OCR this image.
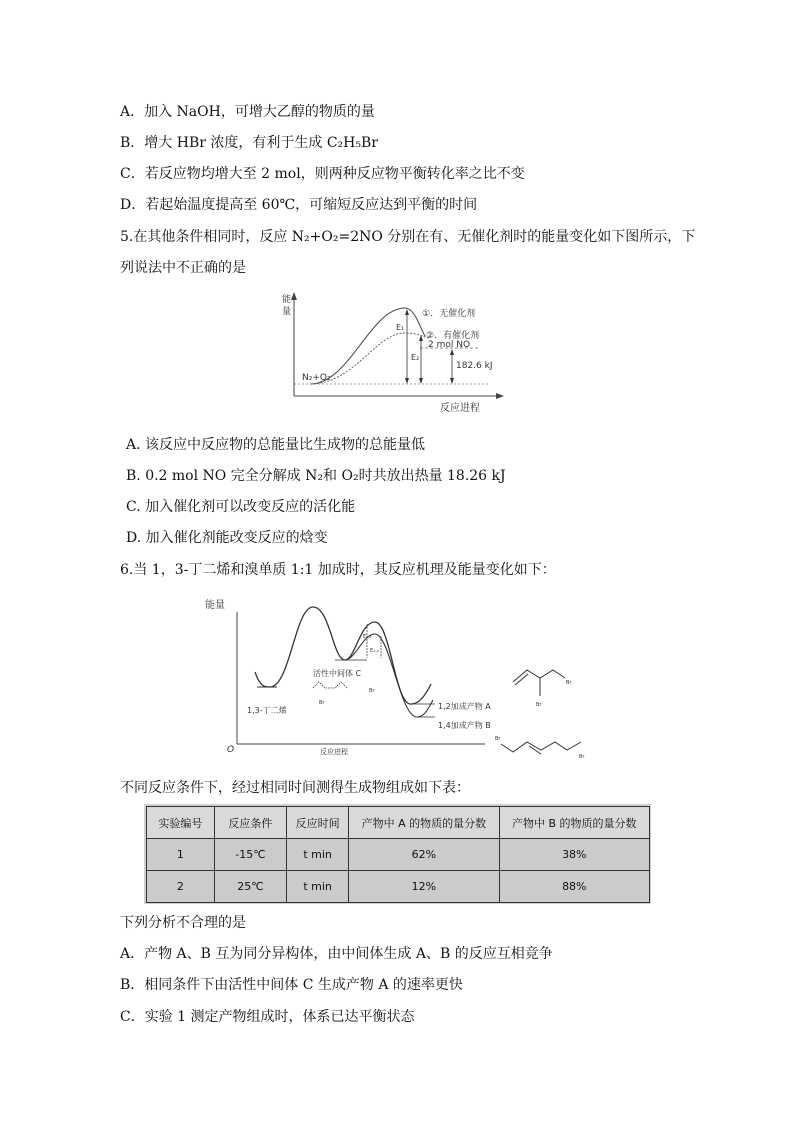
A．加入 NaOH，可增大乙醇的物质的量
B．增大 HBr 浓度，有利于生成 C₂H₅Br
C．若反应物均增大至 2 mol，则两种反应物平衡转化率之比不变
D．若起始温度提高至 60℃，可缩短反应达到平衡的时间
5.在其他条件相同时，反应 N₂+O₂=2NO 分别在有、无催化剂时的能量变化如下图所示，下
列说法中不正确的是
能
量
反应进程
E₁
E₂
①．无催化剂
②．有催化剂
2 mol NO
182.6 kJ
N₂+O₂
A. 该反应中反应物的总能量比生成物的总能量低
B. 0.2 mol NO 完全分解成 N₂和 O₂时共放出热量 18.26 kJ
C. 加入催化剂可以改变反应的活化能
D. 加入催化剂能改变反应的焓变
6.当 1，3-丁二烯和溴单质 1:1 加成时，其反应机理及能量变化如下：
能量
O	反应进程
E₂.₁
E₁.₂
1,3-丁二烯
活性中间体 C
Br
Br
1,2加成产物 A
1,4加成产物 B
Br
Br
Br
Br
不同反应条件下，经过相同时间测得生成物组成如下表：
实验编号	反应条件	反应时间	产物中 A 的物质的量分数	产物中 B 的物质的量分数
1	-15℃	t min	62%	38%
2	25℃	t min	12%	88%
下列分析不合理的是
A．产物 A、B 互为同分异构体，由中间体生成 A、B 的反应互相竞争
B．相同条件下由活性中间体 C 生成产物 A 的速率更快
C．实验 1 测定产物组成时，体系已达平衡状态
